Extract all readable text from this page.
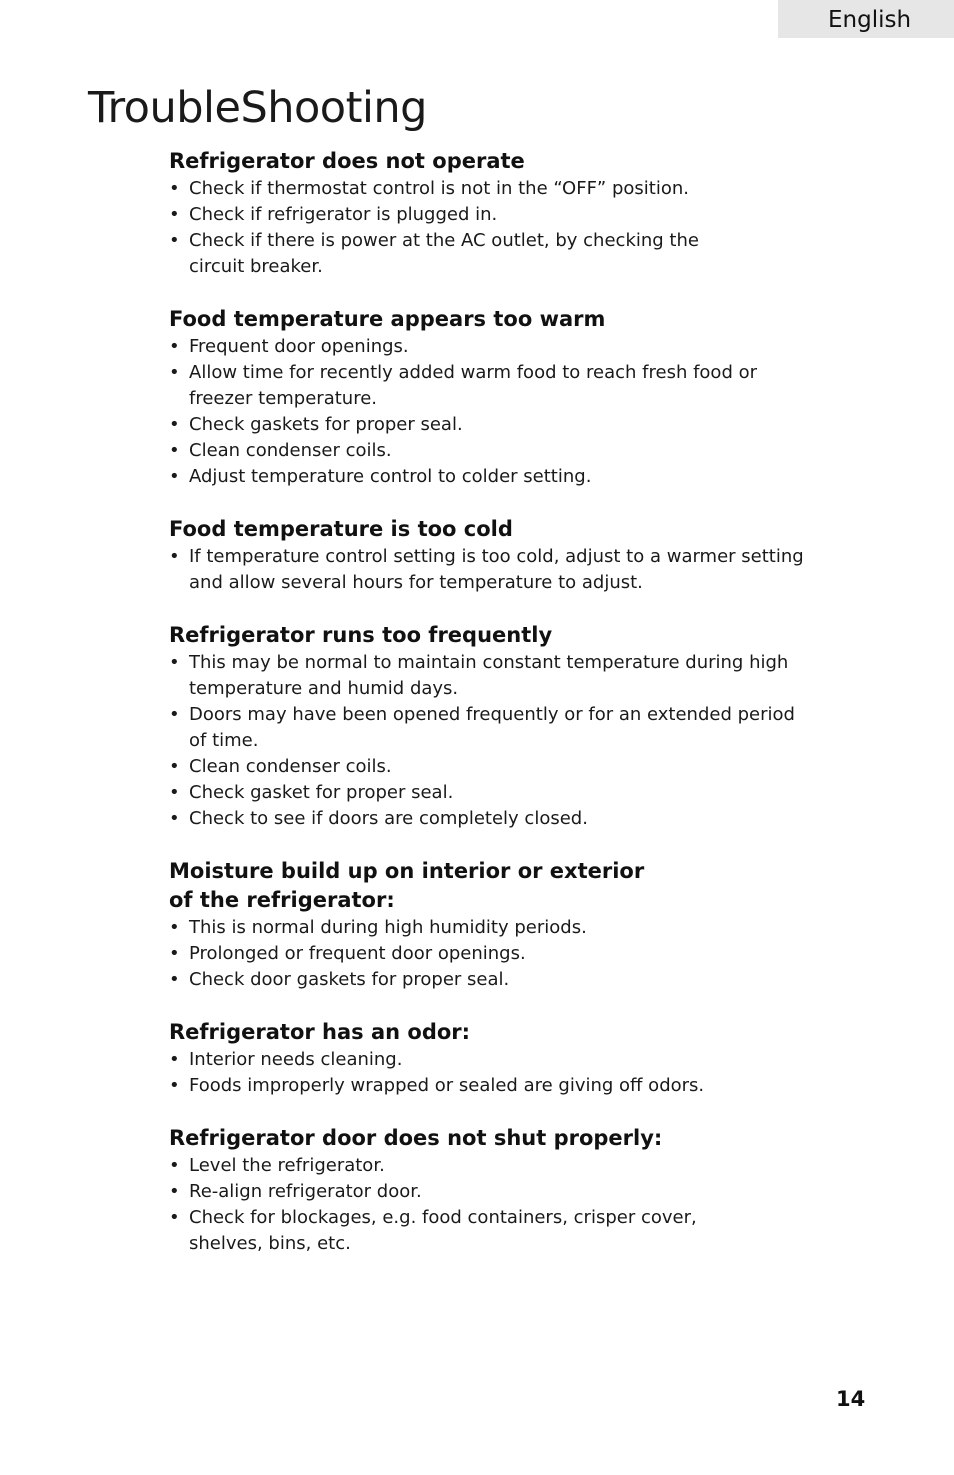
English
TroubleShooting
Refrigerator does not operate
• Check if thermostat control is not in the “OFF” position.
• Check if refrigerator is plugged in.
• Check if there is power at the AC outlet, by checking the
circuit breaker.
Food temperature appears too warm
• Frequent door openings.
• Allow time for recently added warm food to reach fresh food or
freezer temperature.
• Check gaskets for proper seal.
• Clean condenser coils.
• Adjust temperature control to colder setting.
Food temperature is too cold
• If temperature control setting is too cold, adjust to a warmer setting
and allow several hours for temperature to adjust.
Refrigerator runs too frequently
• This may be normal to maintain constant temperature during high
temperature and humid days.
• Doors may have been opened frequently or for an extended period
of time.
• Clean condenser coils.
• Check gasket for proper seal.
• Check to see if doors are completely closed.
Moisture build up on interior or exterior
of the refrigerator:
• This is normal during high humidity periods.
• Prolonged or frequent door openings.
• Check door gaskets for proper seal.
Refrigerator has an odor:
• Interior needs cleaning.
• Foods improperly wrapped or sealed are giving off odors.
Refrigerator door does not shut properly:
• Level the refrigerator.
• Re-align refrigerator door.
• Check for blockages, e.g. food containers, crisper cover,
shelves, bins, etc.
14
